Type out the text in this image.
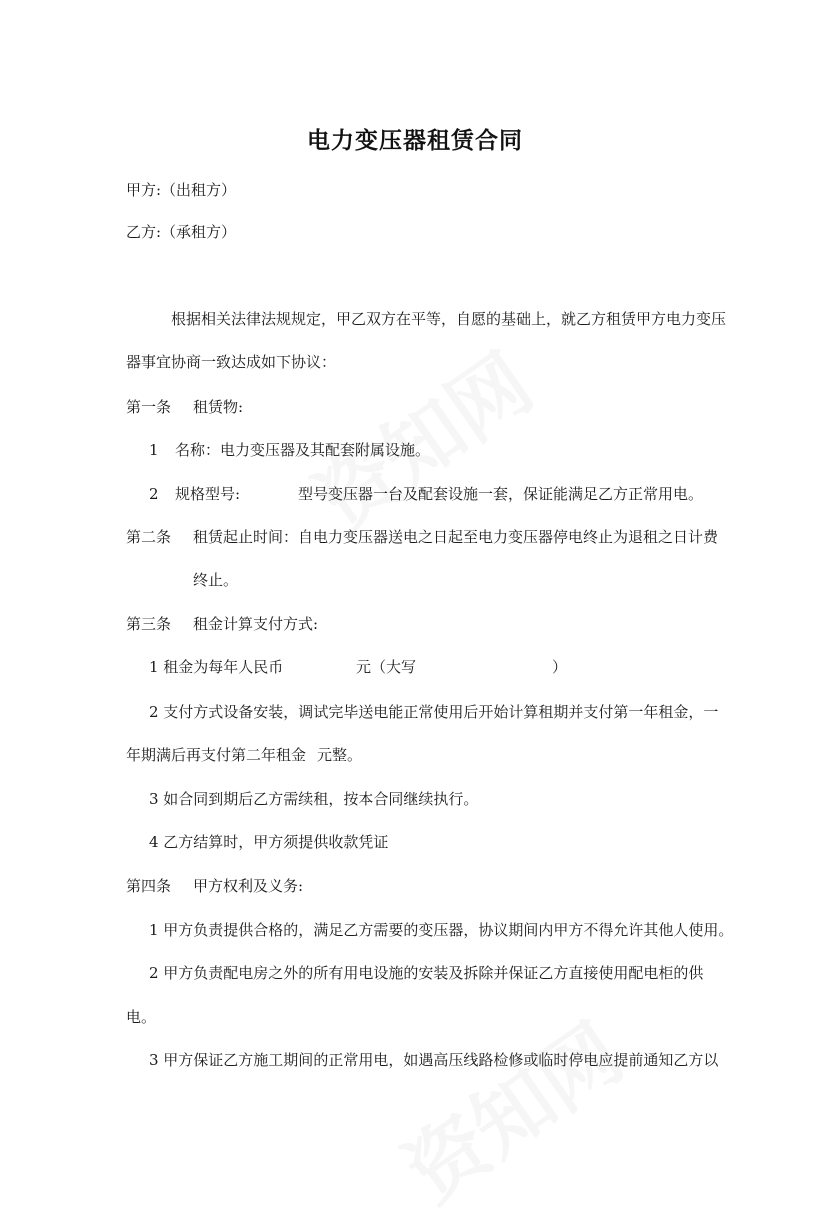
电力变压器租赁合同
甲方:（出租方）
乙方:（承租方）
根据相关法律法规规定，甲乙双方在平等，自愿的基础上，就乙方租赁甲方电力变压
器事宜协商一致达成如下协议：
第一条 租赁物:
1 名称：电力变压器及其配套附属设施。
2 规格型号:	型号变压器一台及配套设施一套，保证能满足乙方正常用电。
第二条 租赁起止时间：自电力变压器送电之日起至电力变压器停电终止为退租之日计费
终止。
第三条 租金计算支付方式:
1 租金为每年人民币	元（大写	）
2 支付方式设备安装，调试完毕送电能正常使用后开始计算租期并支付第一年租金，一
年期满后再支付第二年租金 元整。
3 如合同到期后乙方需续租，按本合同继续执行。
4 乙方结算时，甲方须提供收款凭证
第四条 甲方权利及义务:
1 甲方负责提供合格的，满足乙方需要的变压器，协议期间内甲方不得允许其他人使用。
2 甲方负责配电房之外的所有用电设施的安装及拆除并保证乙方直接使用配电柜的供
电。
3 甲方保证乙方施工期间的正常用电，如遇高压线路检修或临时停电应提前通知乙方以
